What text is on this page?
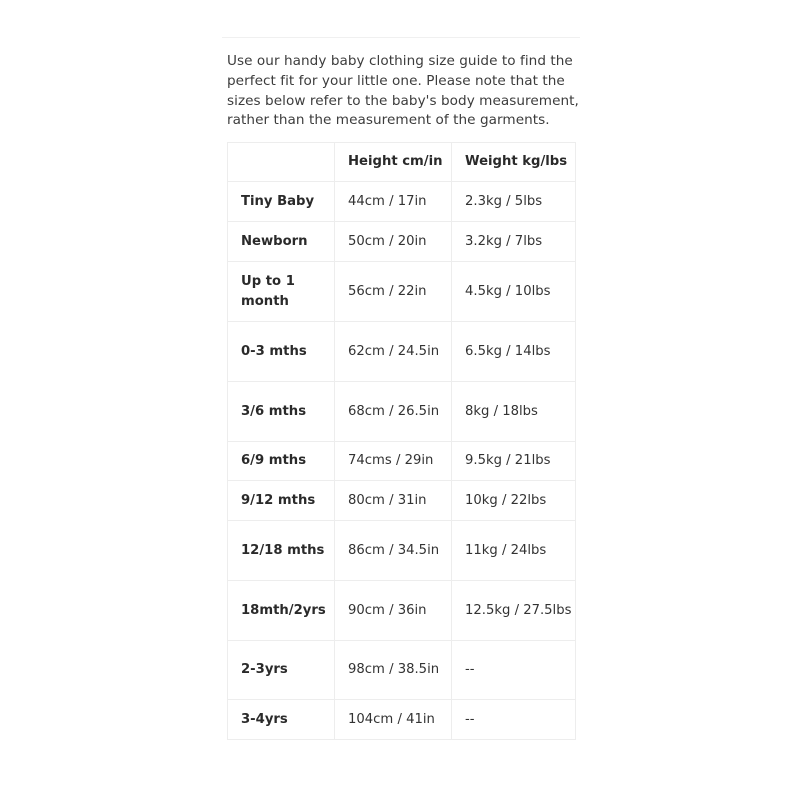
Use our handy baby clothing size guide to find the perfect fit for your little one. Please note that the sizes below refer to the baby's body measurement, rather than the measurement of the garments.

	Height cm/in	Weight kg/lbs
Tiny Baby	44cm / 17in	2.3kg / 5lbs
Newborn	50cm / 20in	3.2kg / 7lbs
Up to 1 month	56cm / 22in	4.5kg / 10lbs
0-3 mths	62cm / 24.5in	6.5kg / 14lbs
3/6 mths	68cm / 26.5in	8kg / 18lbs
6/9 mths	74cms / 29in	9.5kg / 21lbs
9/12 mths	80cm / 31in	10kg / 22lbs
12/18 mths	86cm / 34.5in	11kg / 24lbs
18mth/2yrs	90cm / 36in	12.5kg / 27.5lbs
2-3yrs	98cm / 38.5in	--
3-4yrs	104cm / 41in	--
